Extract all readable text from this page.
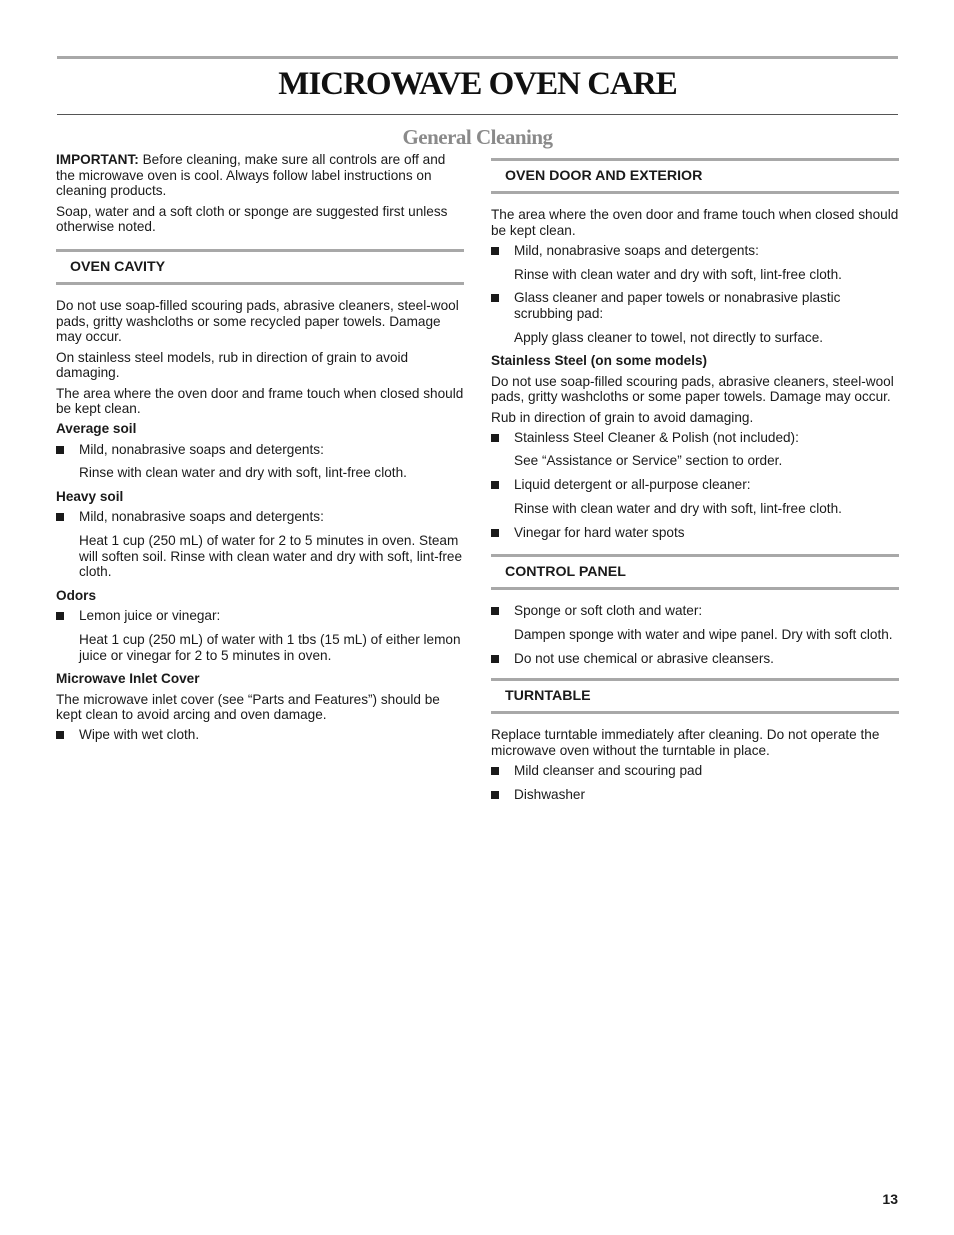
MICROWAVE OVEN CARE
General Cleaning

IMPORTANT: Before cleaning, make sure all controls are off and the microwave oven is cool. Always follow label instructions on cleaning products.

Soap, water and a soft cloth or sponge are suggested first unless otherwise noted.

OVEN CAVITY

Do not use soap-filled scouring pads, abrasive cleaners, steel-wool pads, gritty washcloths or some recycled paper towels. Damage may occur.

On stainless steel models, rub in direction of grain to avoid damaging.

The area where the oven door and frame touch when closed should be kept clean.

Average soil
Mild, nonabrasive soaps and detergents:
Rinse with clean water and dry with soft, lint-free cloth.
Heavy soil
Mild, nonabrasive soaps and detergents:
Heat 1 cup (250 mL) of water for 2 to 5 minutes in oven. Steam will soften soil. Rinse with clean water and dry with soft, lint-free cloth.
Odors
Lemon juice or vinegar:
Heat 1 cup (250 mL) of water with 1 tbs (15 mL) of either lemon juice or vinegar for 2 to 5 minutes in oven.
Microwave Inlet Cover

The microwave inlet cover (see “Parts and Features”) should be kept clean to avoid arcing and oven damage.

Wipe with wet cloth.
OVEN DOOR AND EXTERIOR

The area where the oven door and frame touch when closed should be kept clean.

Mild, nonabrasive soaps and detergents:
Rinse with clean water and dry with soft, lint-free cloth.
Glass cleaner and paper towels or nonabrasive plastic scrubbing pad:
Apply glass cleaner to towel, not directly to surface.
Stainless Steel (on some models)

Do not use soap-filled scouring pads, abrasive cleaners, steel-wool pads, gritty washcloths or some paper towels. Damage may occur.

Rub in direction of grain to avoid damaging.

Stainless Steel Cleaner & Polish (not included):
See “Assistance or Service” section to order.
Liquid detergent or all-purpose cleaner:
Rinse with clean water and dry with soft, lint-free cloth.
Vinegar for hard water spots
CONTROL PANEL
Sponge or soft cloth and water:
Dampen sponge with water and wipe panel. Dry with soft cloth.
Do not use chemical or abrasive cleansers.
TURNTABLE

Replace turntable immediately after cleaning. Do not operate the microwave oven without the turntable in place.

Mild cleanser and scouring pad
Dishwasher
13
